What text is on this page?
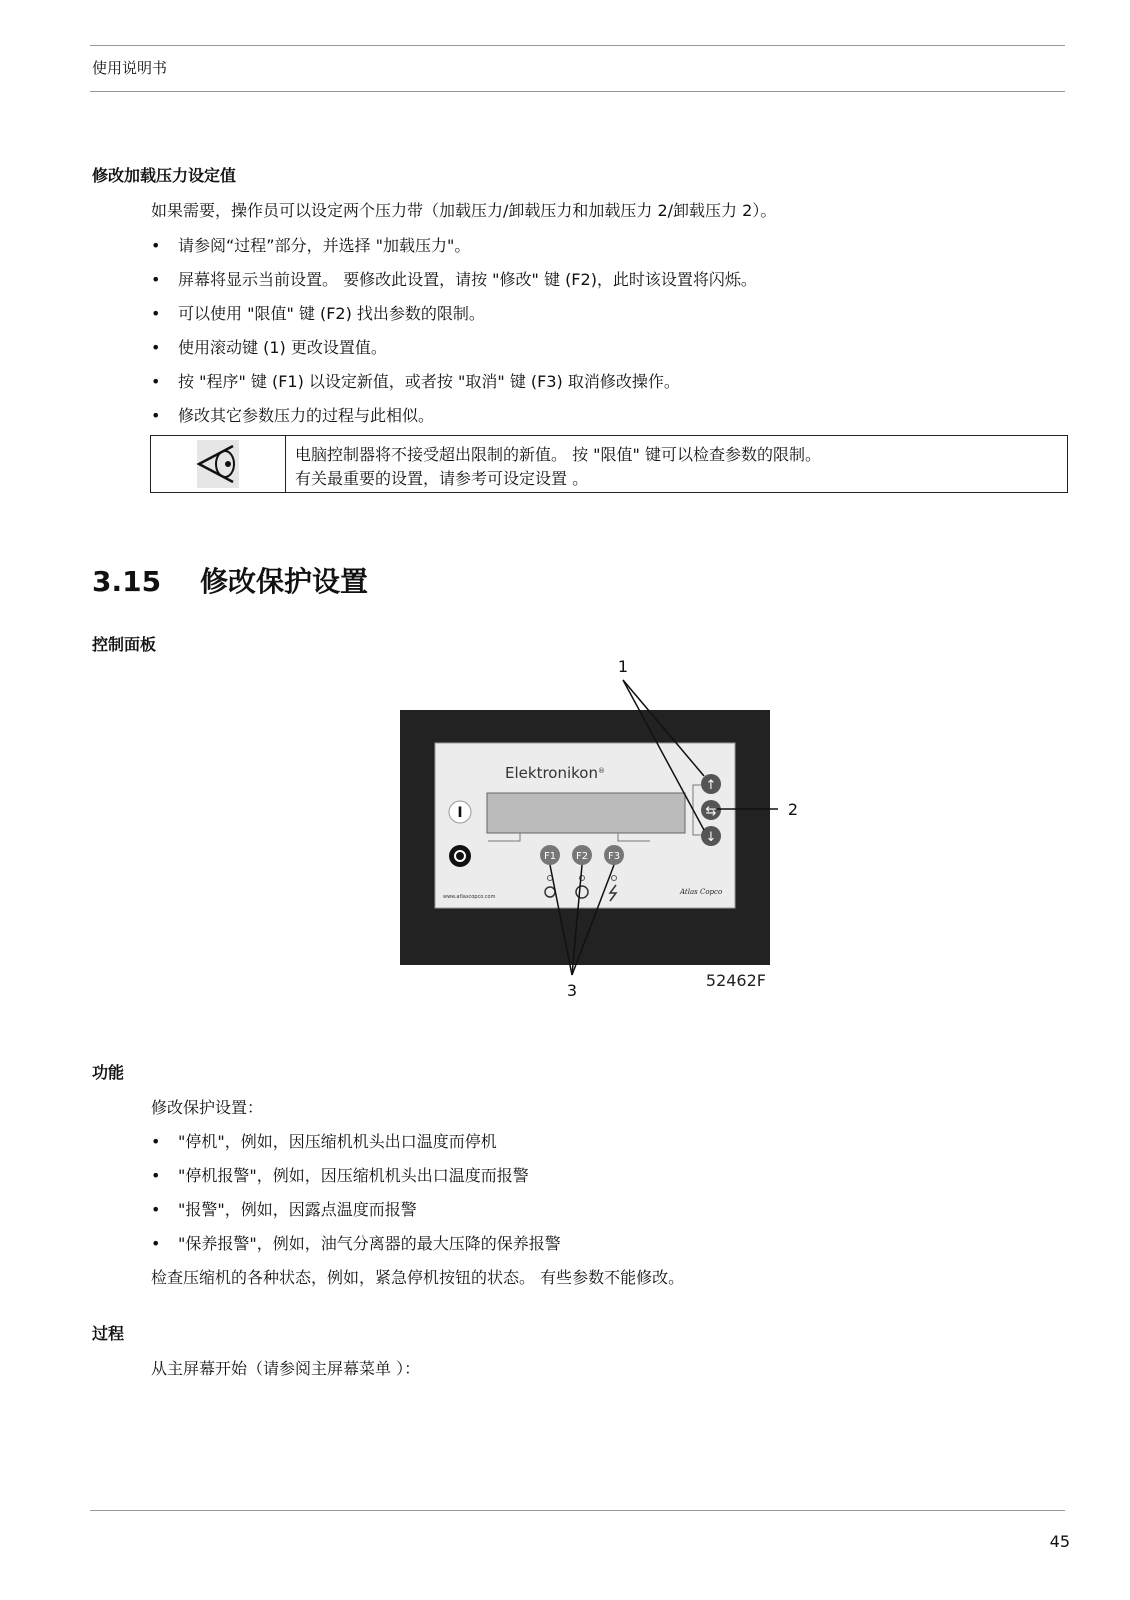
使用说明书
修改加载压力设定值
如果需要，操作员可以设定两个压力带（加载压力/卸载压力和加载压力 2/卸载压力 2）。
• 请参阅“过程”部分，并选择 "加载压力"。
• 屏幕将显示当前设置。 要修改此设置，请按 "修改" 键 (F2)，此时该设置将闪烁。
• 可以使用 "限值" 键 (F2) 找出参数的限制。
• 使用滚动键 (1) 更改设置值。
• 按 "程序" 键 (F1) 以设定新值，或者按 "取消" 键 (F3) 取消修改操作。
• 修改其它参数压力的过程与此相似。
电脑控制器将不接受超出限制的新值。 按 "限值" 键可以检查参数的限制。
有关最重要的设置，请参考可设定设置 。
3.15 修改保护设置
控制面板
Elektronikon®
↑
⇆
↓
I
F1 F2 F3
www.atlascopco.com
Atlas Copco
1
2
3
52462F
功能
修改保护设置：
• "停机"，例如，因压缩机机头出口温度而停机
• "停机报警"，例如，因压缩机机头出口温度而报警
• "报警"，例如，因露点温度而报警
• "保养报警"，例如，油气分离器的最大压降的保养报警
检查压缩机的各种状态，例如，紧急停机按钮的状态。 有些参数不能修改。
过程
从主屏幕开始（请参阅主屏幕菜单 ）：
45
